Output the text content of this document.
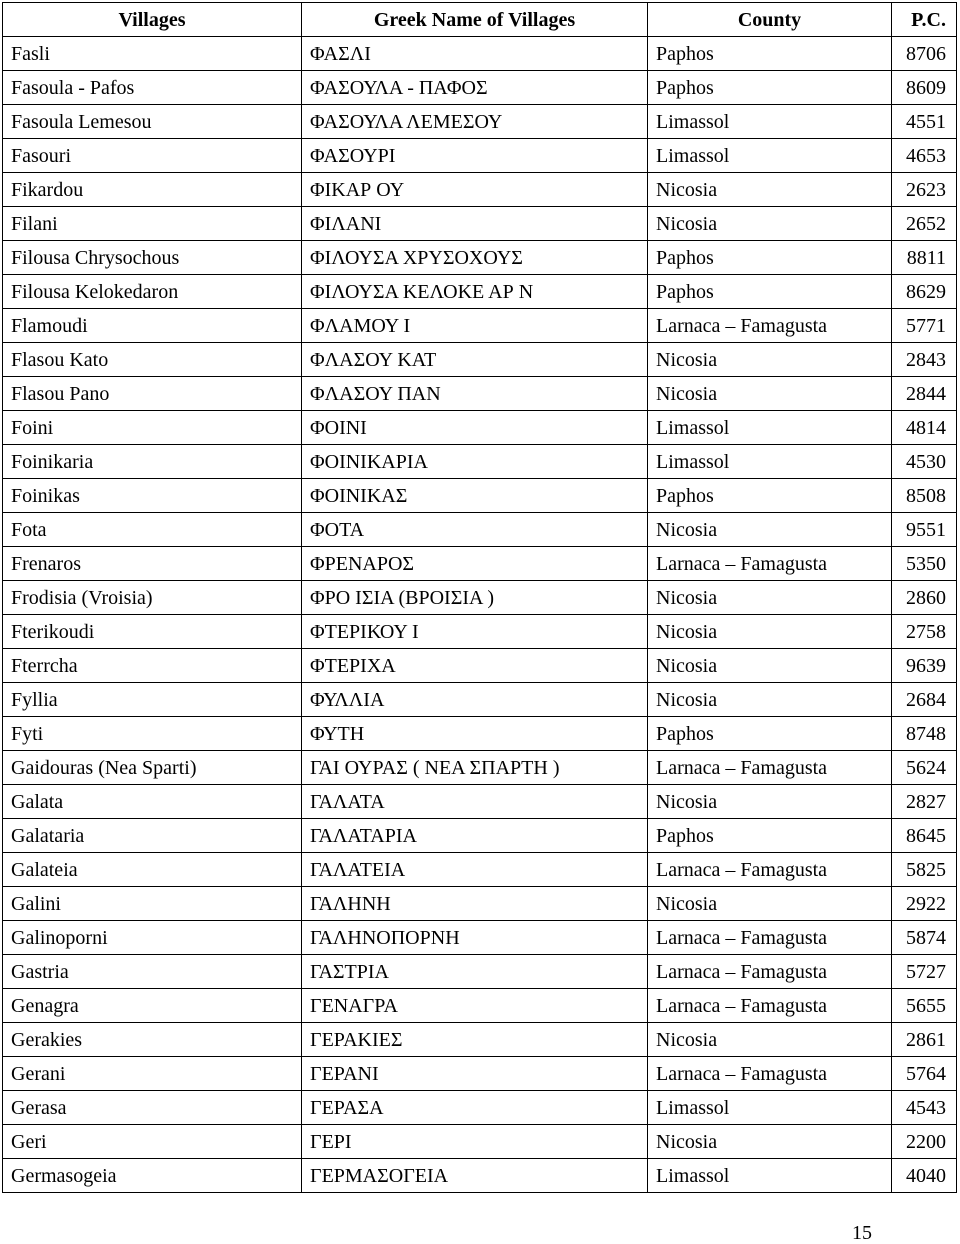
Villages	Greek Name of Villages	County	P.C.
Fasli	ΦΑΣΛΙ	Paphos	8706
Fasoula - Pafos	ΦΑΣΟΥΛΑ - ΠΑΦΟΣ	Paphos	8609
Fasoula Lemesou	ΦΑΣΟΥΛΑ ΛΕΜΕΣΟΥ	Limassol	4551
Fasouri	ΦΑΣΟΥΡΙ	Limassol	4653
Fikardou	ΦΙΚΑΡ ΟΥ	Nicosia	2623
Filani	ΦΙΛΑΝΙ	Nicosia	2652
Filousa Chrysochous	ΦΙΛΟΥΣΑ ΧΡΥΣΟΧΟΥΣ	Paphos	8811
Filousa Kelokedaron	ΦΙΛΟΥΣΑ ΚΕΛΟΚΕ ΑΡ Ν	Paphos	8629
Flamoudi	ΦΛΑΜΟΥ Ι	Larnaca – Famagusta	5771
Flasou Kato	ΦΛΑΣΟΥ ΚΑΤ	Nicosia	2843
Flasou Pano	ΦΛΑΣΟΥ ΠΑΝ	Nicosia	2844
Foini	ΦΟΙΝΙ	Limassol	4814
Foinikaria	ΦΟΙΝΙΚΑΡΙΑ	Limassol	4530
Foinikas	ΦΟΙΝΙΚΑΣ	Paphos	8508
Fota	ΦΟΤΑ	Nicosia	9551
Frenaros	ΦΡΕΝΑΡΟΣ	Larnaca – Famagusta	5350
Frodisia (Vroisia)	ΦΡΟ ΙΣΙΑ (ΒΡΟΙΣΙΑ )	Nicosia	2860
Fterikoudi	ΦΤΕΡΙΚΟΥ Ι	Nicosia	2758
Fterrcha	ΦΤΕΡΙΧΑ	Nicosia	9639
Fyllia	ΦΥΛΛΙΑ	Nicosia	2684
Fyti	ΦΥΤΗ	Paphos	8748
Gaidouras (Nea Sparti)	ΓΑΙ ΟΥΡΑΣ ( ΝΕΑ ΣΠΑΡΤΗ )	Larnaca – Famagusta	5624
Galata	ΓΑΛΑΤΑ	Nicosia	2827
Galataria	ΓΑΛΑΤΑΡΙΑ	Paphos	8645
Galateia	ΓΑΛΑΤΕΙΑ	Larnaca – Famagusta	5825
Galini	ΓΑΛΗΝΗ	Nicosia	2922
Galinoporni	ΓΑΛΗΝΟΠΟΡΝΗ	Larnaca – Famagusta	5874
Gastria	ΓΑΣΤΡΙΑ	Larnaca – Famagusta	5727
Genagra	ΓΕΝΑΓΡΑ	Larnaca – Famagusta	5655
Gerakies	ΓΕΡΑΚΙΕΣ	Nicosia	2861
Gerani	ΓΕΡΑΝΙ	Larnaca – Famagusta	5764
Gerasa	ΓΕΡΑΣΑ	Limassol	4543
Geri	ΓΕΡΙ	Nicosia	2200
Germasogeia	ΓΕΡΜΑΣΟΓΕΙΑ	Limassol	4040
15
